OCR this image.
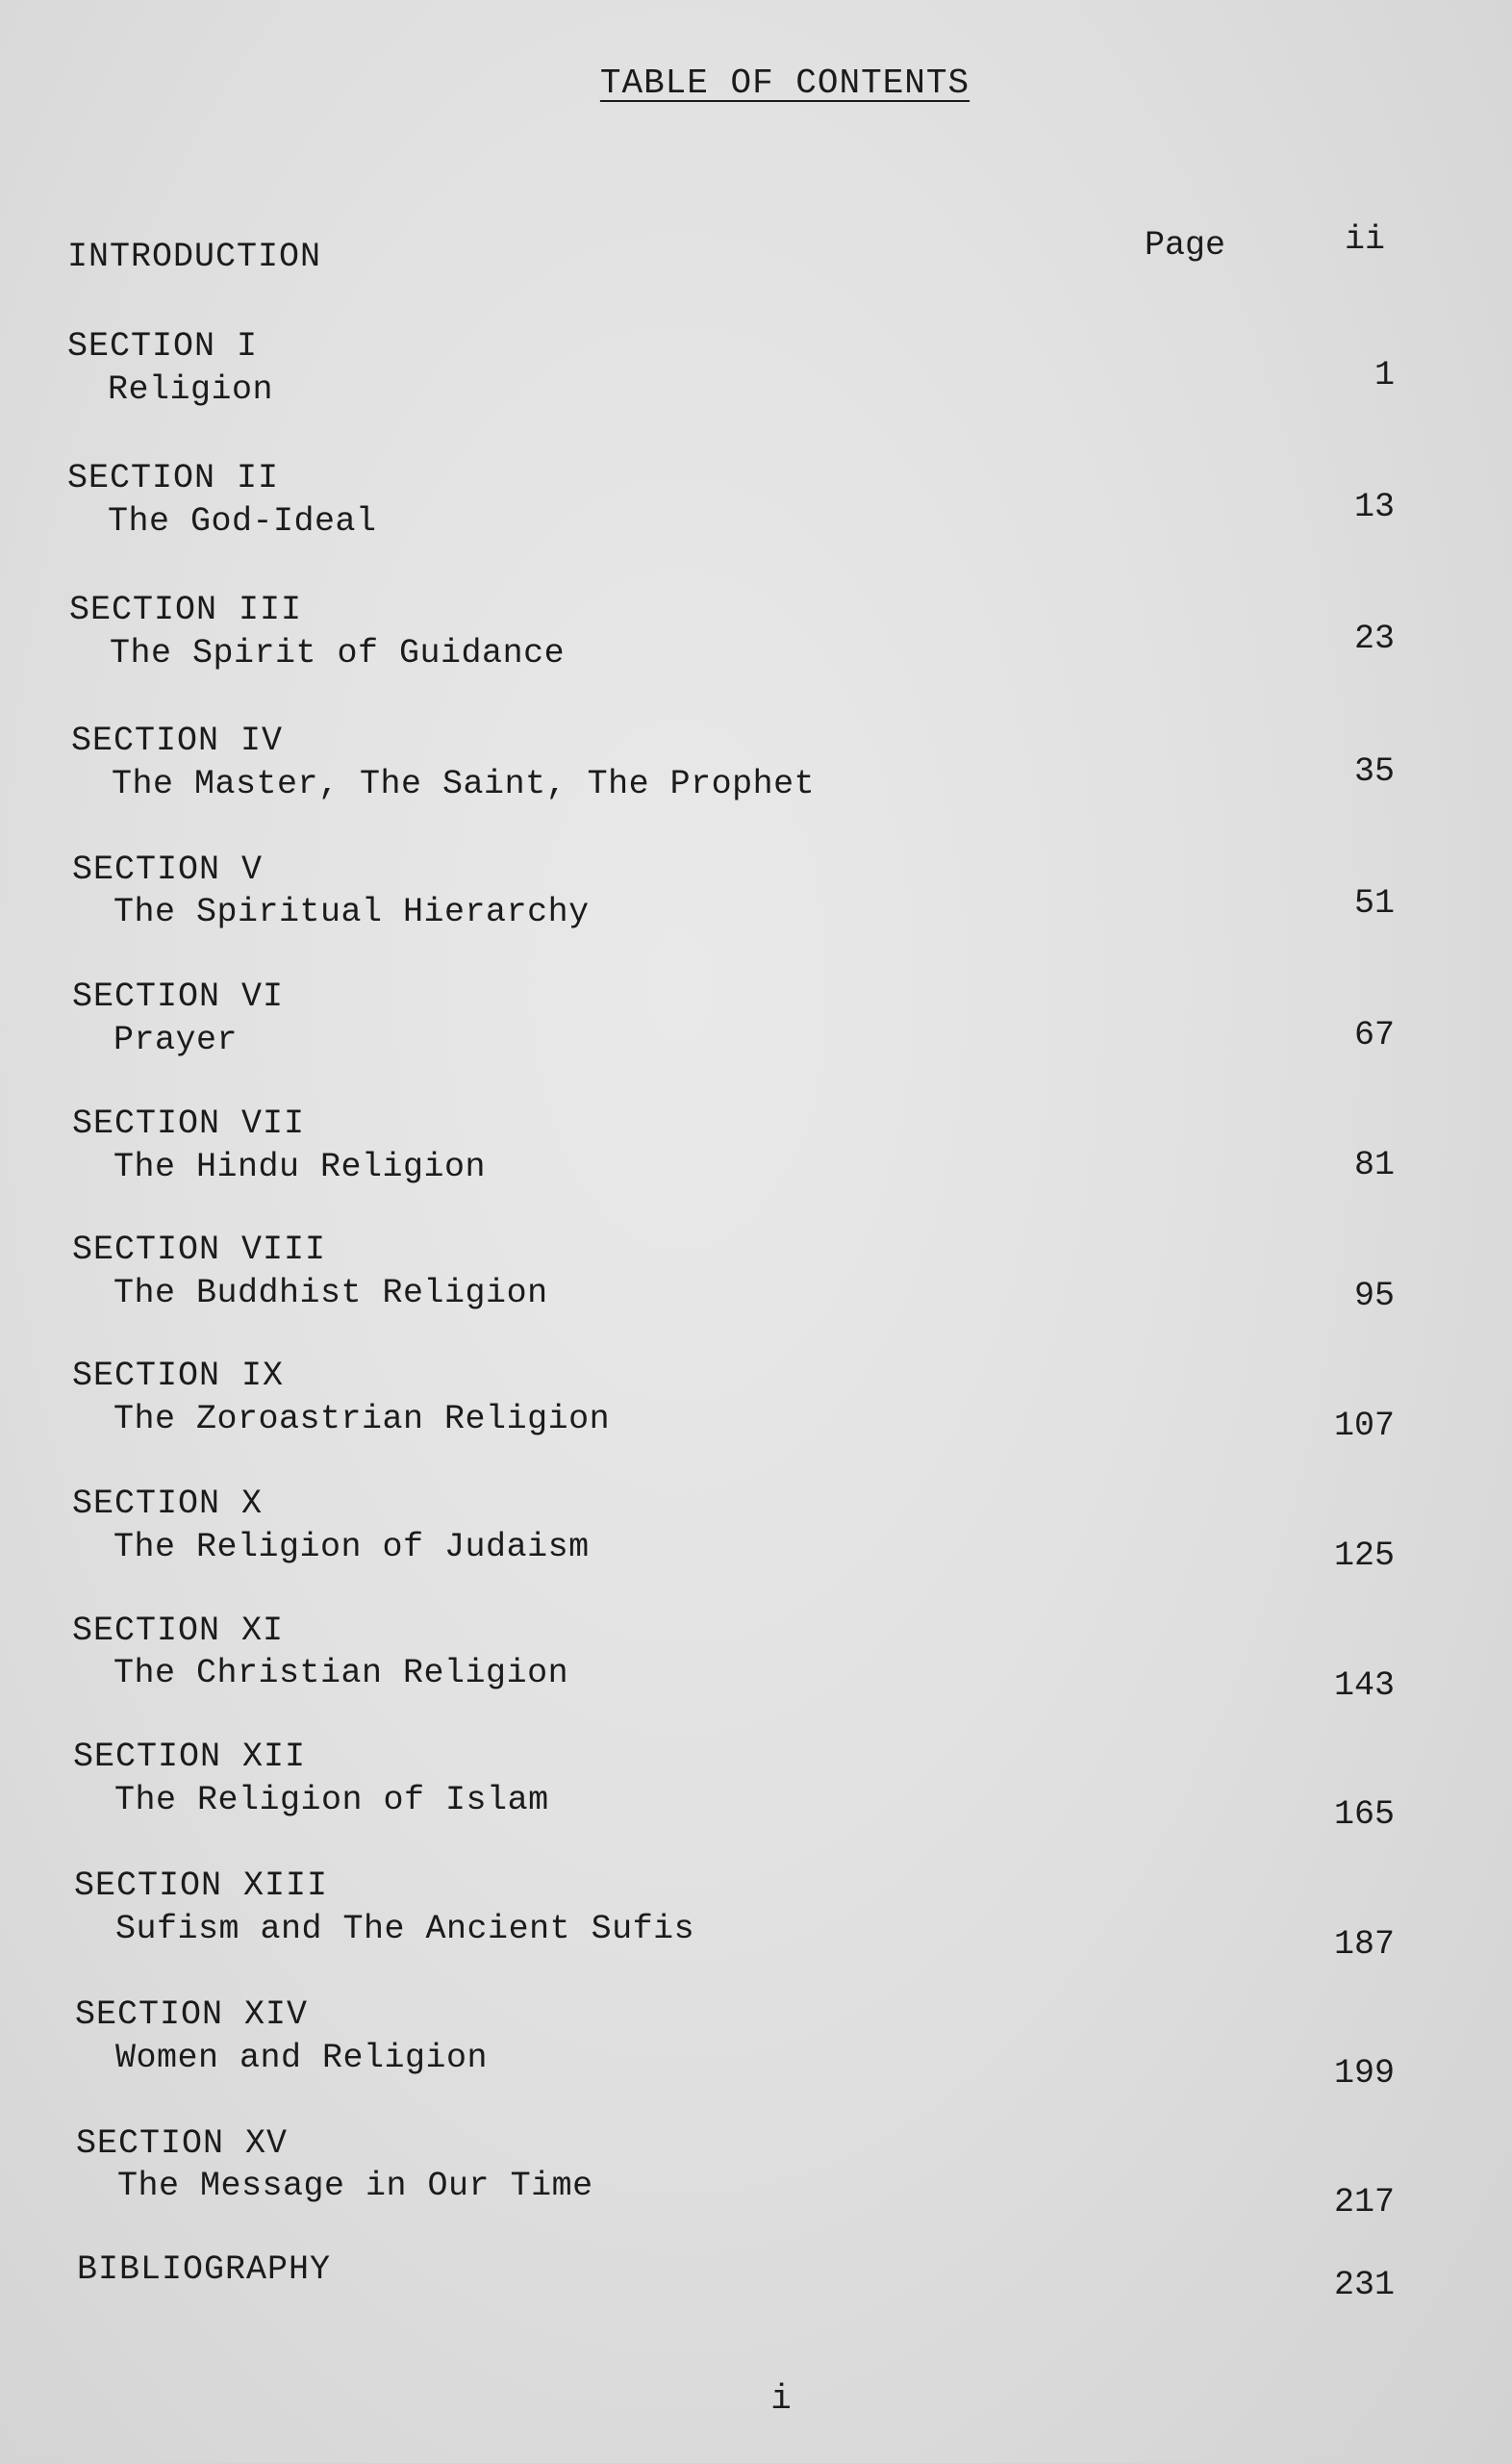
TABLE OF CONTENTS
INTRODUCTION	Page	ii
SECTION I
Religion	1
SECTION II
The God-Ideal	13
SECTION III
The Spirit of Guidance	23
SECTION IV
The Master, The Saint, The Prophet	35
SECTION V
The Spiritual Hierarchy	51
SECTION VI
Prayer	67
SECTION VII
The Hindu Religion	81
SECTION VIII
The Buddhist Religion	95
SECTION IX
The Zoroastrian Religion	107
SECTION X
The Religion of Judaism	125
SECTION XI
The Christian Religion	143
SECTION XII
The Religion of Islam	165
SECTION XIII
Sufism and The Ancient Sufis	187
SECTION XIV
Women and Religion	199
SECTION XV
The Message in Our Time	217
BIBLIOGRAPHY	231
i
